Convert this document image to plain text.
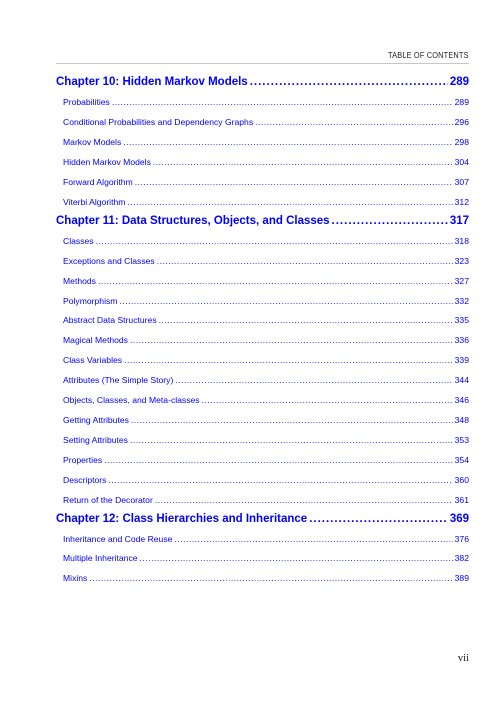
TABLE OF CONTENTS
Chapter 10: Hidden Markov Models .....	289
Probabilities .....	289
Conditional Probabilities and Dependency Graphs .....	296
Markov Models .....	298
Hidden Markov Models .....	304
Forward Algorithm .....	307
Viterbi Algorithm .....	312
Chapter 11: Data Structures, Objects, and Classes .....	317
Classes .....	318
Exceptions and Classes .....	323
Methods .....	327
Polymorphism .....	332
Abstract Data Structures .....	335
Magical Methods .....	336
Class Variables .....	339
Attributes (The Simple Story) .....	344
Objects, Classes, and Meta-classes .....	346
Getting Attributes .....	348
Setting Attributes .....	353
Properties .....	354
Descriptors .....	360
Return of the Decorator .....	361
Chapter 12: Class Hierarchies and Inheritance .....	369
Inheritance and Code Reuse .....	376
Multiple Inheritance .....	382
Mixins .....	389
vii
